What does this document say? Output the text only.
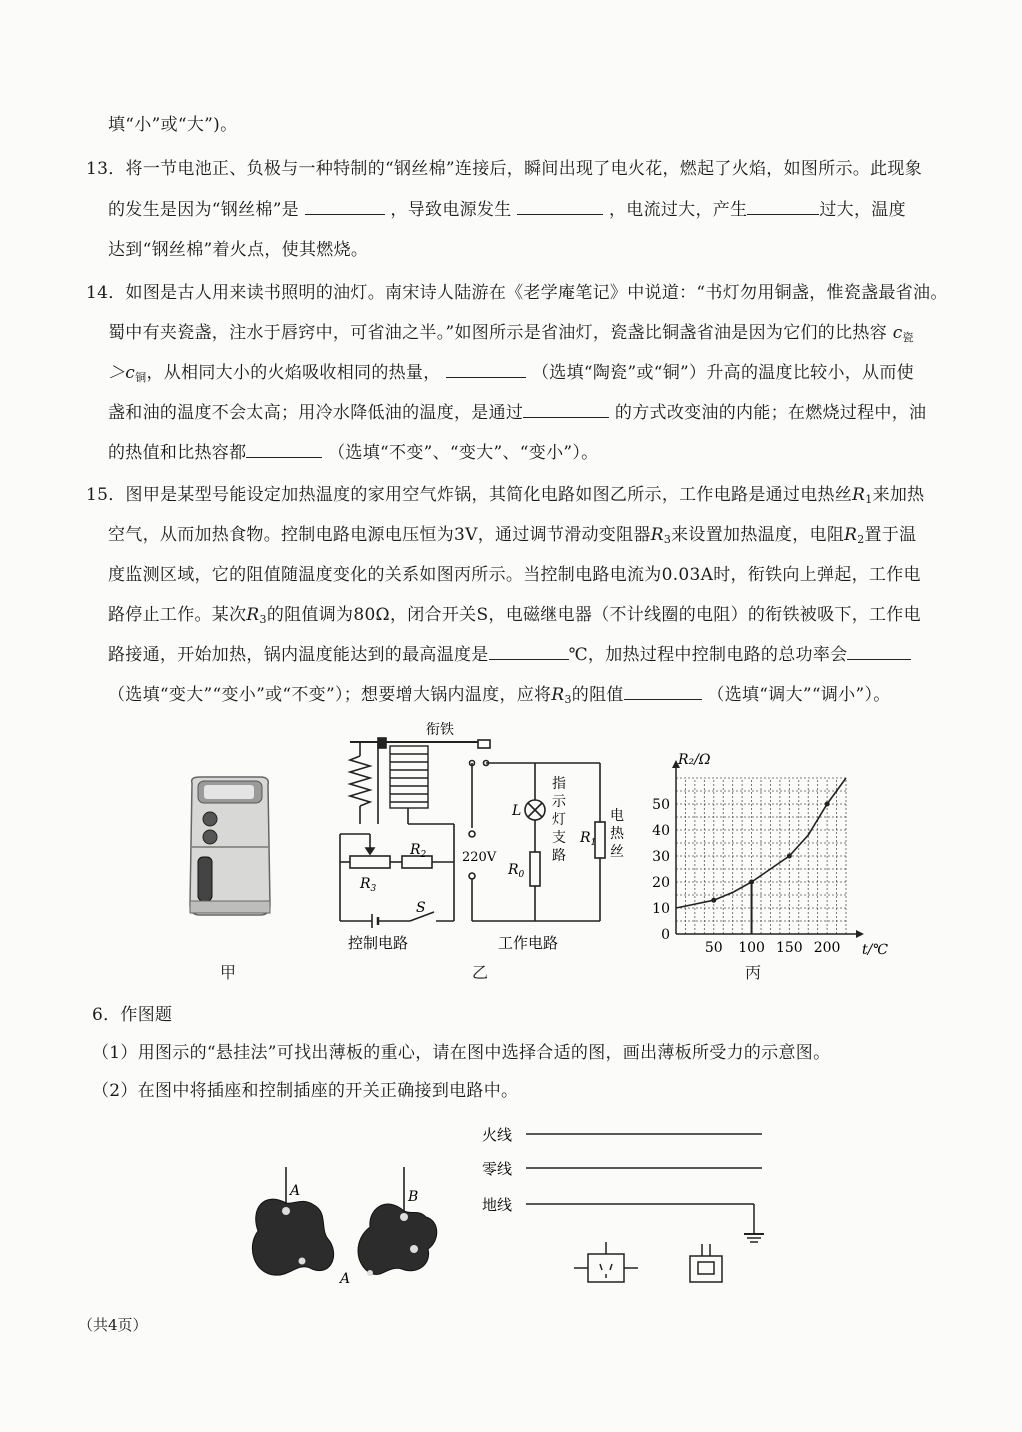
填“小”或“大”)。
13．将一节电池正、负极与一种特制的“钢丝棉”连接后，瞬间出现了电火花，燃起了火焰，如图所示。此现象
的发生是因为“钢丝棉”是	，导致电源发生	，电流过大，产生	过大，温度
达到“钢丝棉”着火点，使其燃烧。
14．如图是古人用来读书照明的油灯。南宋诗人陆游在《老学庵笔记》中说道：“书灯勿用铜盏，惟瓷盏最省油。
蜀中有夹瓷盏，注水于唇窍中，可省油之半。”如图所示是省油灯，瓷盏比铜盏省油是因为它们的比热容 $c_瓷$
$>c_铜$，从相同大小的火焰吸收相同的热量，	（选填“陶瓷”或“铜”）升高的温度比较小，从而使
盏和油的温度不会太高；用冷水降低油的温度，是通过	的方式改变油的内能；在燃烧过程中，油
的热值和比热容都	（选填“不变”、“变大”、“变小”）。
15．图甲是某型号能设定加热温度的家用空气炸锅，其简化电路如图乙所示，工作电路是通过电热丝$R_1$来加热
空气，从而加热食物。控制电路电源电压恒为3V，通过调节滑动变阻器$R_3$来设置加热温度，电阻$R_2$置于温
度监测区域，它的阻值随温度变化的关系如图丙所示。当控制电路电流为0.03A时，衔铁向上弹起，工作电
路停止工作。某次$R_3$的阻值调为80Ω，闭合开关S，电磁继电器（不计线圈的电阻）的衔铁被吸下，工作电
路接通，开始加热，锅内温度能达到的最高温度是	℃，加热过程中控制电路的总功率会
（选填“变大”“变小”或“不变”）；想要增大锅内温度，应将$R_3$的阻值	（选填“调大”“调小”）。
甲
衔铁
$R_2$
$R_3$
S
220V
L
$R_0$
$R_1$
指
示
灯
支
路
电
热
丝
控制电路	工作电路
乙
50 100 150 200
0
10
20
30
40
50
R₂/Ω
t/℃
丙
6．作图题
（1）用图示的“悬挂法”可找出薄板的重心，请在图中选择合适的图，画出薄板所受力的示意图。
（2）在图中将插座和控制插座的开关正确接到电路中。
A	B
A
火线
零线
地线
（共4页）
